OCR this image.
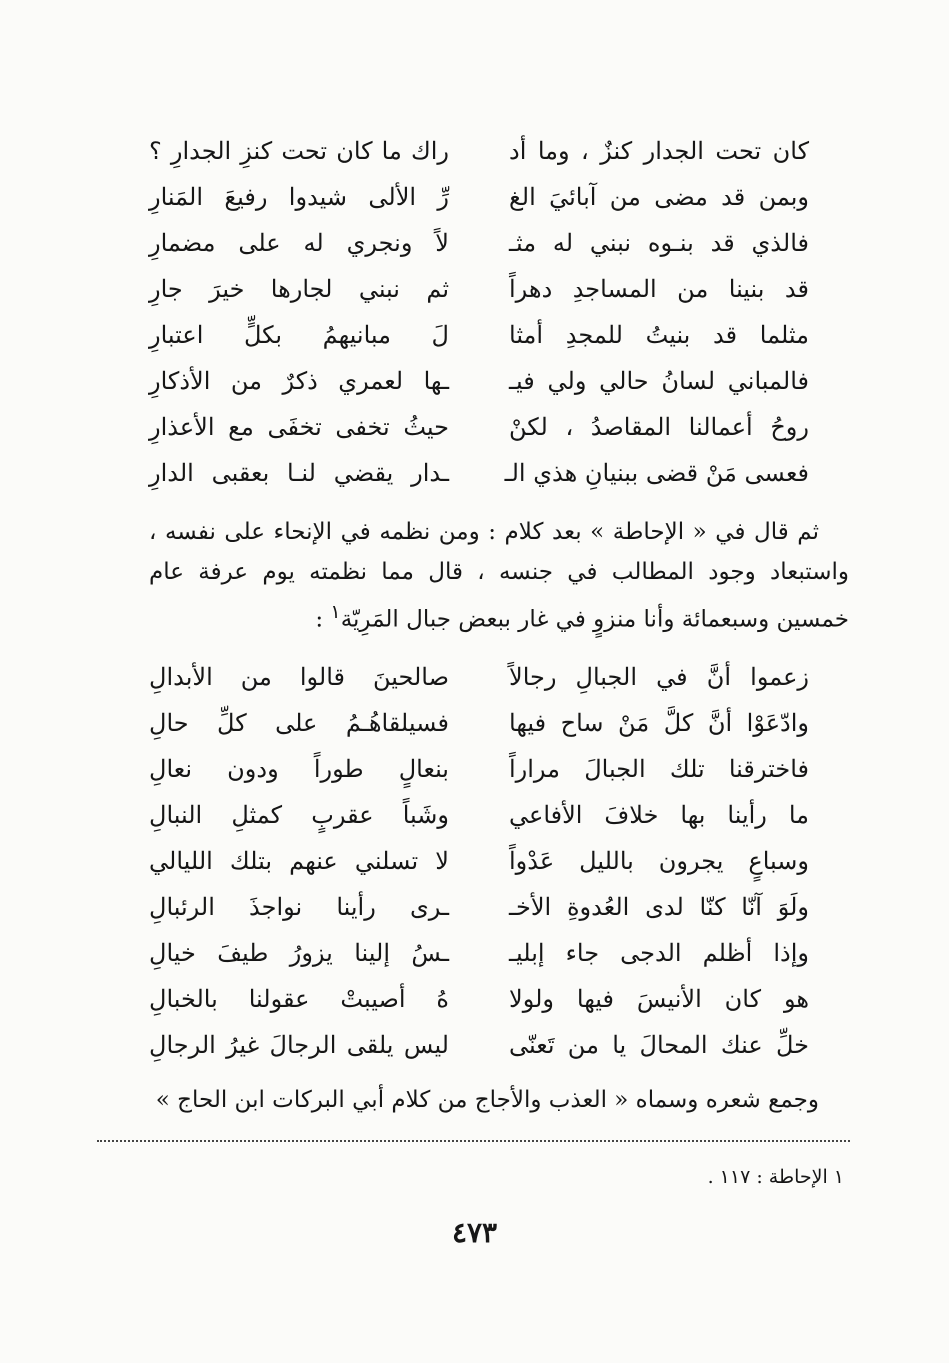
كان تحت الجدار كنزٌ ، وما أد
راك ما كان تحت كنزِ الجدارِ ؟
وبمن قد مضى من آبائيَ الغ
رِّ الألى شيدوا رفيعَ المَنارِ
فالذي قد بنـوه نبني له مثـ
لاً ونجري له على مضمارِ
قد بنينا من المساجدِ دهراً
ثم نبني لجارها خيرَ جارِ
مثلما قد بنيتُ للمجدِ أمثا
لَ مبانيهمُ بكلٍّ اعتبارِ
فالمباني لسانُ حالي ولي فيـ
ـها لعمري ذكرٌ من الأذكارِ
روحُ أعمالنا المقاصدُ ، لكنْ
حيثُ تخفى تخفَى مع الأعذارِ
فعسى مَنْ قضى ببنيانِ هذي الـ
ـدار يقضي لنـا بعقبى الدارِ

ثم قال في « الإحاطة » بعد كلام : ومن نظمه في الإنحاء على نفسه ، واستبعاد وجود المطالب في جنسه ، قال مما نظمته يوم عرفة عام خمسين وسبعمائة وأنا منزوٍ في غار ببعض جبال المَرِيّة$^١$ :

زعموا أنَّ في الجبالِ رجالاً
صالحينَ قالوا من الأبدالِ
وادّعَوْا أنَّ كلَّ مَنْ ساح فيها
فسيلقاهُـمُ على كلِّ حالِ
فاخترقنا تلك الجبالَ مراراً
بنعالٍ طوراً ودون نعالِ
ما رأينا بها خلافَ الأفاعي
وشَباً عقربٍ كمثلِ النبالِ
وسباعٍ يجرون بالليل عَدْواً
لا تسلني عنهم بتلك الليالي
ولَوَ آنّا كنّا لدى العُدوةِ الأخـ
ـرى رأينا نواجذَ الرئبالِ
وإذا أظلم الدجى جاء إبليـ
ـسُ إلينا يزورُ طيفَ خيالِ
هو كان الأنيسَ فيها ولولا
هُ أصيبتْ عقولنا بالخبالِ
خلِّ عنك المحالَ يا من تَعنّى
ليس يلقى الرجالَ غيرُ الرجالِ
وجمع شعره وسماه « العذب والأجاج من كلام أبي البركات ابن الحاج »
١ الإحاطة : ١١٧ .
٤٧٣
